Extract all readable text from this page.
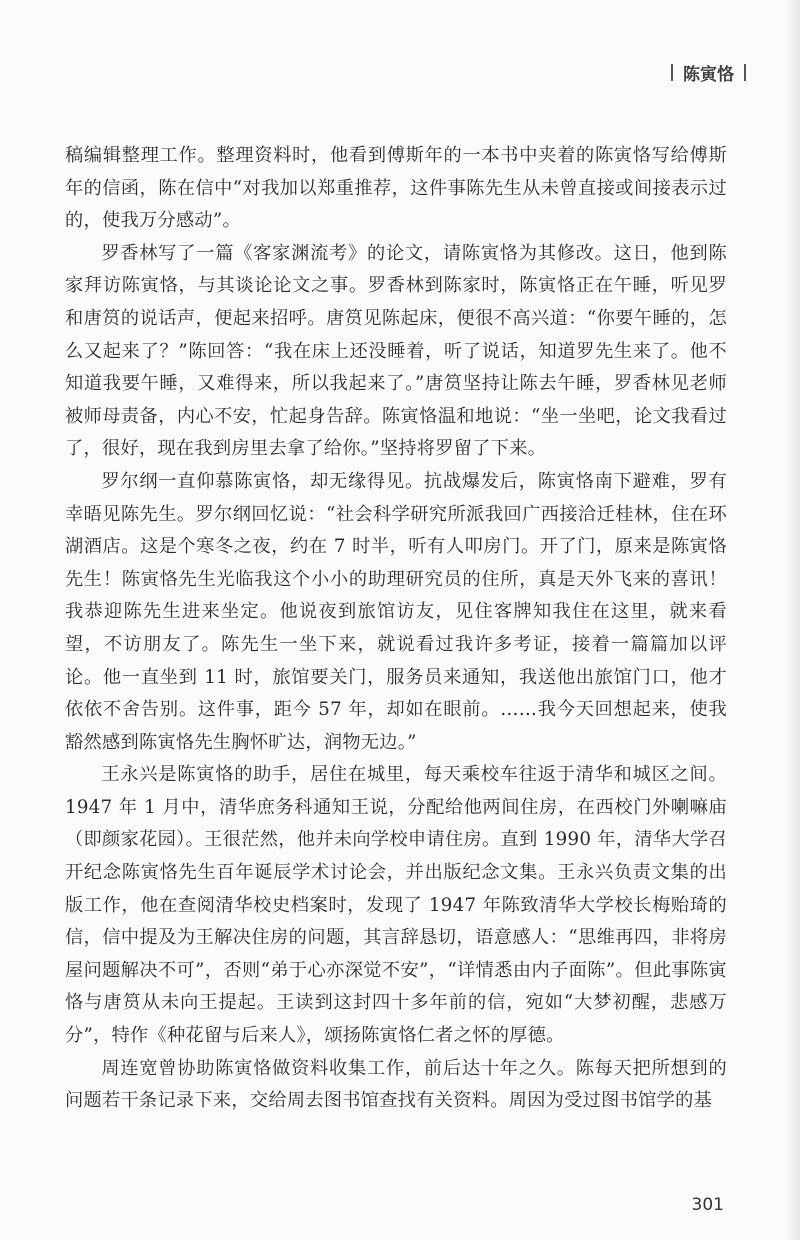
陈寅恪

稿编辑整理工作。整理资料时，他看到傅斯年的一本书中夹着的陈寅恪写给傅斯年的信函，陈在信中“对我加以郑重推荐，这件事陈先生从未曾直接或间接表示过的，使我万分感动”。

罗香林写了一篇《客家渊流考》的论文，请陈寅恪为其修改。这日，他到陈家拜访陈寅恪，与其谈论论文之事。罗香林到陈家时，陈寅恪正在午睡，听见罗和唐筼的说话声，便起来招呼。唐筼见陈起床，便很不高兴道：“你要午睡的，怎么又起来了？”陈回答：“我在床上还没睡着，听了说话，知道罗先生来了。他不知道我要午睡，又难得来，所以我起来了。”唐筼坚持让陈去午睡，罗香林见老师被师母责备，内心不安，忙起身告辞。陈寅恪温和地说：“坐一坐吧，论文我看过了，很好，现在我到房里去拿了给你。”坚持将罗留了下来。

罗尔纲一直仰慕陈寅恪，却无缘得见。抗战爆发后，陈寅恪南下避难，罗有幸晤见陈先生。罗尔纲回忆说：“社会科学研究所派我回广西接洽迁桂林，住在环湖酒店。这是个寒冬之夜，约在 7 时半，听有人叩房门。开了门，原来是陈寅恪先生！陈寅恪先生光临我这个小小的助理研究员的住所，真是天外飞来的喜讯！我恭迎陈先生进来坐定。他说夜到旅馆访友，见住客牌知我住在这里，就来看望，不访朋友了。陈先生一坐下来，就说看过我许多考证，接着一篇篇加以评论。他一直坐到 11 时，旅馆要关门，服务员来通知，我送他出旅馆门口，他才依依不舍告别。这件事，距今 57 年，却如在眼前。……我今天回想起来，使我豁然感到陈寅恪先生胸怀旷达，润物无边。”

王永兴是陈寅恪的助手，居住在城里，每天乘校车往返于清华和城区之间。1947 年 1 月中，清华庶务科通知王说，分配给他两间住房，在西校门外喇嘛庙（即颜家花园）。王很茫然，他并未向学校申请住房。直到 1990 年，清华大学召开纪念陈寅恪先生百年诞辰学术讨论会，并出版纪念文集。王永兴负责文集的出版工作，他在查阅清华校史档案时，发现了 1947 年陈致清华大学校长梅贻琦的信，信中提及为王解决住房的问题，其言辞恳切，语意感人：“思维再四，非将房屋问题解决不可”，否则“弟于心亦深觉不安”，“详情悉由内子面陈”。但此事陈寅恪与唐筼从未向王提起。王读到这封四十多年前的信，宛如“大梦初醒，悲感万分”，特作《种花留与后来人》，颂扬陈寅恪仁者之怀的厚德。

周连宽曾协助陈寅恪做资料收集工作，前后达十年之久。陈每天把所想到的问题若干条记录下来，交给周去图书馆查找有关资料。周因为受过图书馆学的基

301
